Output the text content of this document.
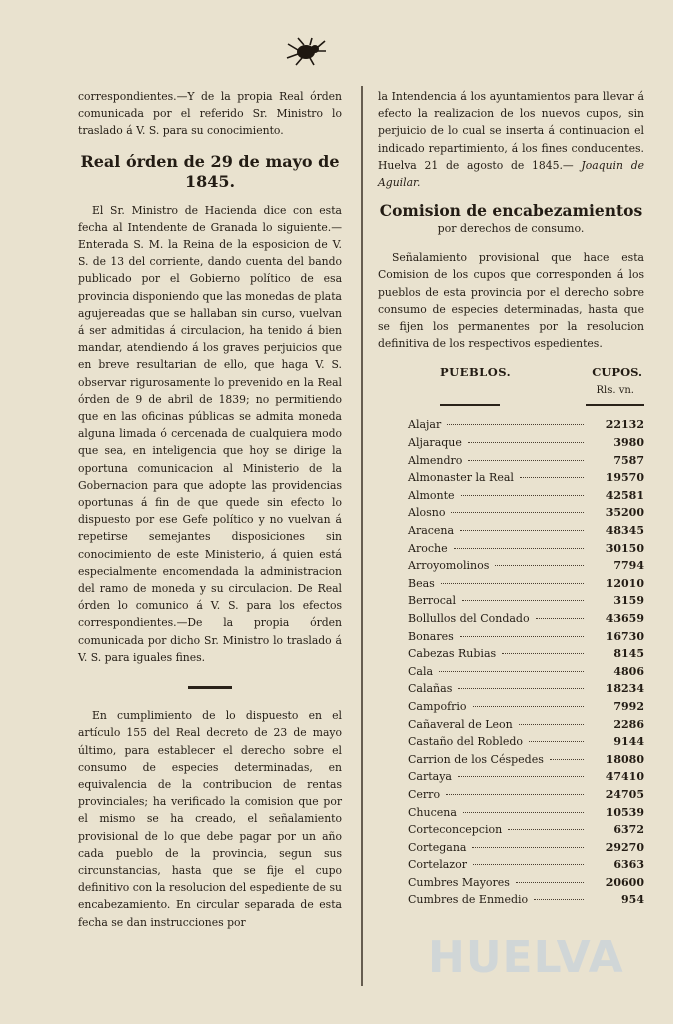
correspondientes.—Y de la propia Real órden comunicada por el referido Sr. Ministro lo traslado á V. S. para su conocimiento.

Real órden de 29 de mayo de 1845.

El Sr. Ministro de Hacienda dice con esta fecha al Intendente de Granada lo siguiente.—Enterada S. M. la Reina de la esposicion de V. S. de 13 del corriente, dando cuenta del bando publicado por el Gobierno político de esa provincia disponiendo que las monedas de plata agujereadas que se hallaban sin curso, vuelvan á ser admitidas á circulacion, ha tenido á bien mandar, atendiendo á los graves perjuicios que en breve resultarian de ello, que haga V. S. observar rigurosamente lo prevenido en la Real órden de 9 de abril de 1839; no permitiendo que en las oficinas públicas se admita moneda alguna limada ó cercenada de cualquiera modo que sea, en inteligencia que hoy se dirige la oportuna comunicacion al Ministerio de la Gobernacion para que adopte las providencias oportunas á fin de que quede sin efecto lo dispuesto por ese Gefe político y no vuelvan á repetirse semejantes disposiciones sin conocimiento de este Ministerio, á quien está especialmente encomendada la administracion del ramo de moneda y su circulacion. De Real órden lo comunico á V. S. para los efectos correspondientes.—De la propia órden comunicada por dicho Sr. Ministro lo traslado á V. S. para iguales fines.

En cumplimiento de lo dispuesto en el artículo 155 del Real decreto de 23 de mayo último, para establecer el derecho sobre el consumo de especies determinadas, en equivalencia de la contribucion de rentas provinciales; ha verificado la comision que por el mismo se ha creado, el señalamiento provisional de lo que debe pagar por un año cada pueblo de la provincia, segun sus circunstancias, hasta que se fije el cupo definitivo con la resolucion del espediente de su encabezamiento. En circular separada de esta fecha se dan instrucciones por

la Intendencia á los ayuntamientos para llevar á efecto la realizacion de los nuevos cupos, sin perjuicio de lo cual se inserta á continuacion el indicado repartimiento, á los fines conducentes. Huelva 21 de agosto de 1845.— Joaquin de Aguilar.

Comision de encabezamientos
por derechos de consumo.

Señalamiento provisional que hace esta Comision de los cupos que corresponden á los pueblos de esta provincia por el derecho sobre consumo de especies determinadas, hasta que se fijen los permanentes por la resolucion definitiva de los respectivos espedientes.

PUEBLOS.	CUPOS.
Rls. vn.
Alajar	22132
Aljaraque	3980
Almendro	7587
Almonaster la Real	19570
Almonte	42581
Alosno	35200
Aracena	48345
Aroche	30150
Arroyomolinos	7794
Beas	12010
Berrocal	3159
Bollullos del Condado	43659
Bonares	16730
Cabezas Rubias	8145
Cala	4806
Calañas	18234
Campofrio	7992
Cañaveral de Leon	2286
Castaño del Robledo	9144
Carrion de los Céspedes	18080
Cartaya	47410
Cerro	24705
Chucena	10539
Corteconcepcion	6372
Cortegana	29270
Cortelazor	6363
Cumbres Mayores	20600
Cumbres de Enmedio	954
HUELVA
